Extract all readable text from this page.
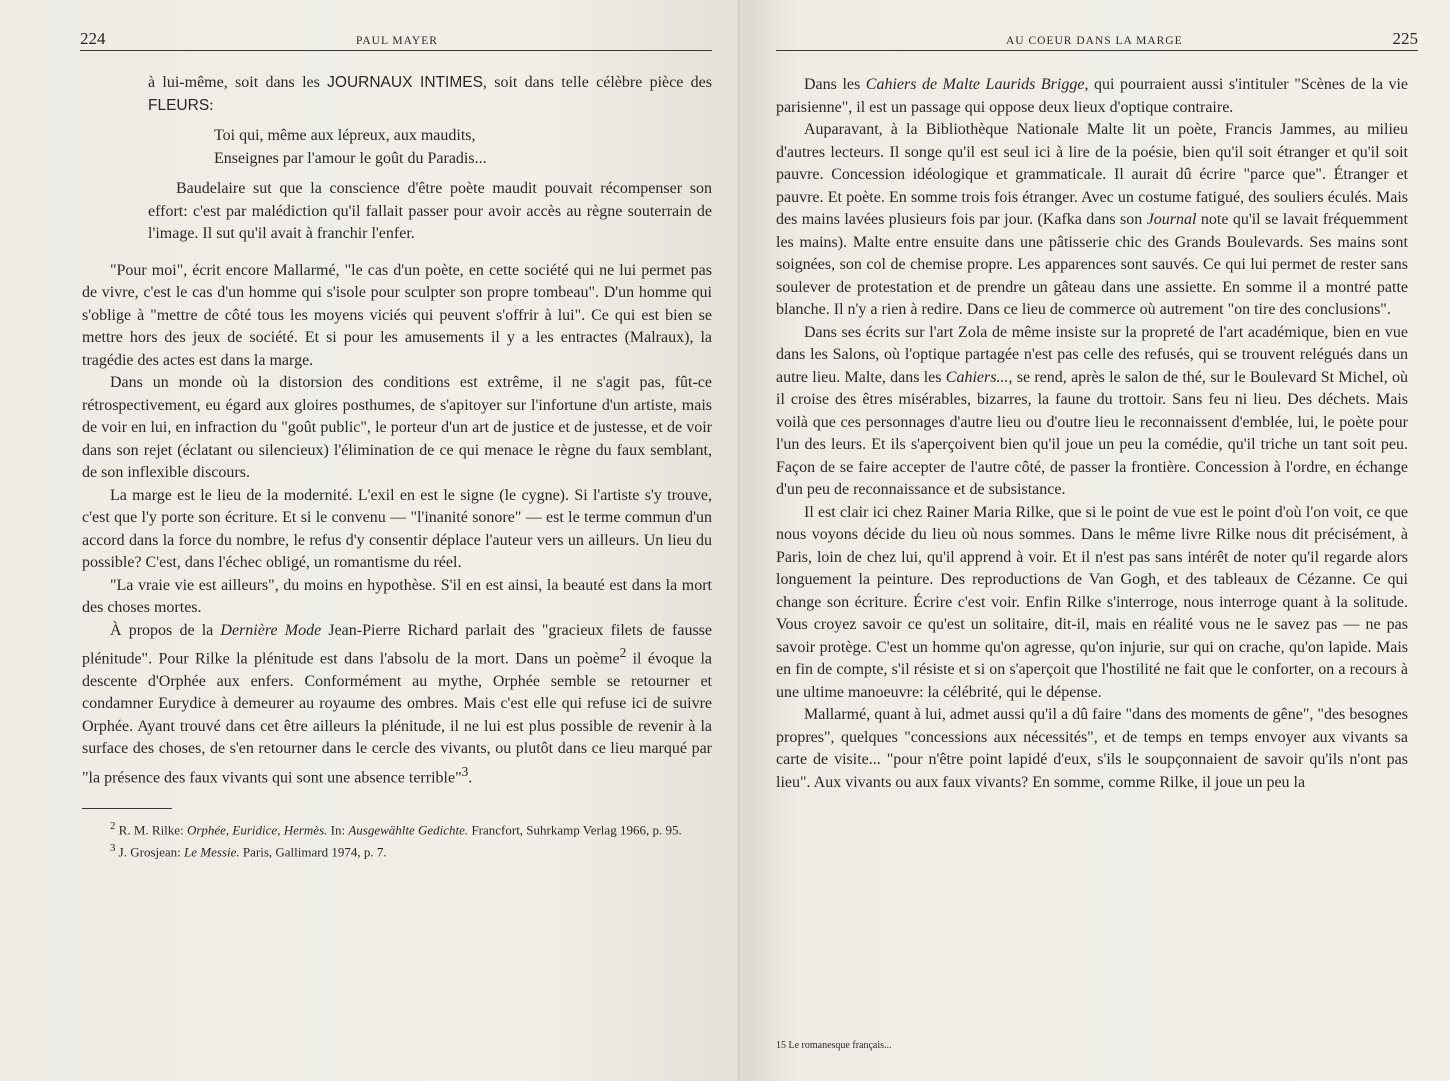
224	PAUL MAYER

à lui-même, soit dans les JOURNAUX INTIMES, soit dans telle célèbre pièce des FLEURS:

Toi qui, même aux lépreux, aux maudits,
Enseignes par l'amour le goût du Paradis...

Baudelaire sut que la conscience d'être poète maudit pouvait récompenser son effort: c'est par malédiction qu'il fallait passer pour avoir accès au règne souterrain de l'image. Il sut qu'il avait à franchir l'enfer.

"Pour moi", écrit encore Mallarmé, "le cas d'un poète, en cette société qui ne lui permet pas de vivre, c'est le cas d'un homme qui s'isole pour sculpter son propre tombeau". D'un homme qui s'oblige à "mettre de côté tous les moyens viciés qui peuvent s'offrir à lui". Ce qui est bien se mettre hors des jeux de société. Et si pour les amusements il y a les entractes (Malraux), la tragédie des actes est dans la marge.

Dans un monde où la distorsion des conditions est extrême, il ne s'agit pas, fût-ce rétrospectivement, eu égard aux gloires posthumes, de s'apitoyer sur l'infortune d'un artiste, mais de voir en lui, en infraction du "goût public", le porteur d'un art de justice et de justesse, et de voir dans son rejet (éclatant ou silencieux) l'élimination de ce qui menace le règne du faux semblant, de son inflexible discours.

La marge est le lieu de la modernité. L'exil en est le signe (le cygne). Si l'artiste s'y trouve, c'est que l'y porte son écriture. Et si le convenu — "l'inanité sonore" — est le terme commun d'un accord dans la force du nombre, le refus d'y consentir déplace l'auteur vers un ailleurs. Un lieu du possible? C'est, dans l'échec obligé, un romantisme du réel.

"La vraie vie est ailleurs", du moins en hypothèse. S'il en est ainsi, la beauté est dans la mort des choses mortes.

À propos de la Dernière Mode Jean-Pierre Richard parlait des "gracieux filets de fausse plénitude". Pour Rilke la plénitude est dans l'absolu de la mort. Dans un poème$^2$ il évoque la descente d'Orphée aux enfers. Conformément au mythe, Orphée semble se retourner et condamner Eurydice à demeurer au royaume des ombres. Mais c'est elle qui refuse ici de suivre Orphée. Ayant trouvé dans cet être ailleurs la plénitude, il ne lui est plus possible de revenir à la surface des choses, de s'en retourner dans le cercle des vivants, ou plutôt dans ce lieu marqué par "la présence des faux vivants qui sont une absence terrible"$^3$.

$^2$ R. M. Rilke: Orphée, Euridice, Hermès. In: Ausgewählte Gedichte. Francfort, Suhrkamp Verlag 1966, p. 95.

$^3$ J. Grosjean: Le Messie. Paris, Gallimard 1974, p. 7.

AU COEUR DANS LA MARGE	225

Dans les Cahiers de Malte Laurids Brigge, qui pourraient aussi s'intituler "Scènes de la vie parisienne", il est un passage qui oppose deux lieux d'optique contraire.

Auparavant, à la Bibliothèque Nationale Malte lit un poète, Francis Jammes, au milieu d'autres lecteurs. Il songe qu'il est seul ici à lire de la poésie, bien qu'il soit étranger et qu'il soit pauvre. Concession idéologique et grammaticale. Il aurait dû écrire "parce que". Étranger et pauvre. Et poète. En somme trois fois étranger. Avec un costume fatigué, des souliers éculés. Mais des mains lavées plusieurs fois par jour. (Kafka dans son Journal note qu'il se lavait fréquemment les mains). Malte entre ensuite dans une pâtisserie chic des Grands Boulevards. Ses mains sont soignées, son col de chemise propre. Les apparences sont sauvés. Ce qui lui permet de rester sans soulever de protestation et de prendre un gâteau dans une assiette. En somme il a montré patte blanche. Il n'y a rien à redire. Dans ce lieu de commerce où autrement "on tire des conclusions".

Dans ses écrits sur l'art Zola de même insiste sur la propreté de l'art académique, bien en vue dans les Salons, où l'optique partagée n'est pas celle des refusés, qui se trouvent relégués dans un autre lieu. Malte, dans les Cahiers..., se rend, après le salon de thé, sur le Boulevard St Michel, où il croise des êtres misérables, bizarres, la faune du trottoir. Sans feu ni lieu. Des déchets. Mais voilà que ces personnages d'autre lieu ou d'outre lieu le reconnaissent d'emblée, lui, le poète pour l'un des leurs. Et ils s'aperçoivent bien qu'il joue un peu la comédie, qu'il triche un tant soit peu. Façon de se faire accepter de l'autre côté, de passer la frontière. Concession à l'ordre, en échange d'un peu de reconnaissance et de subsistance.

Il est clair ici chez Rainer Maria Rilke, que si le point de vue est le point d'où l'on voit, ce que nous voyons décide du lieu où nous sommes. Dans le même livre Rilke nous dit précisément, à Paris, loin de chez lui, qu'il apprend à voir. Et il n'est pas sans intérêt de noter qu'il regarde alors longuement la peinture. Des reproductions de Van Gogh, et des tableaux de Cézanne. Ce qui change son écriture. Écrire c'est voir. Enfin Rilke s'interroge, nous interroge quant à la solitude. Vous croyez savoir ce qu'est un solitaire, dit-il, mais en réalité vous ne le savez pas — ne pas savoir protège. C'est un homme qu'on agresse, qu'on injurie, sur qui on crache, qu'on lapide. Mais en fin de compte, s'il résiste et si on s'aperçoit que l'hostilité ne fait que le conforter, on a recours à une ultime manoeuvre: la célébrité, qui le dépense.

Mallarmé, quant à lui, admet aussi qu'il a dû faire "dans des moments de gêne", "des besognes propres", quelques "concessions aux nécessités", et de temps en temps envoyer aux vivants sa carte de visite... "pour n'être point lapidé d'eux, s'ils le soupçonnaient de savoir qu'ils n'ont pas lieu". Aux vivants ou aux faux vivants? En somme, comme Rilke, il joue un peu la

15 Le romanesque français...
